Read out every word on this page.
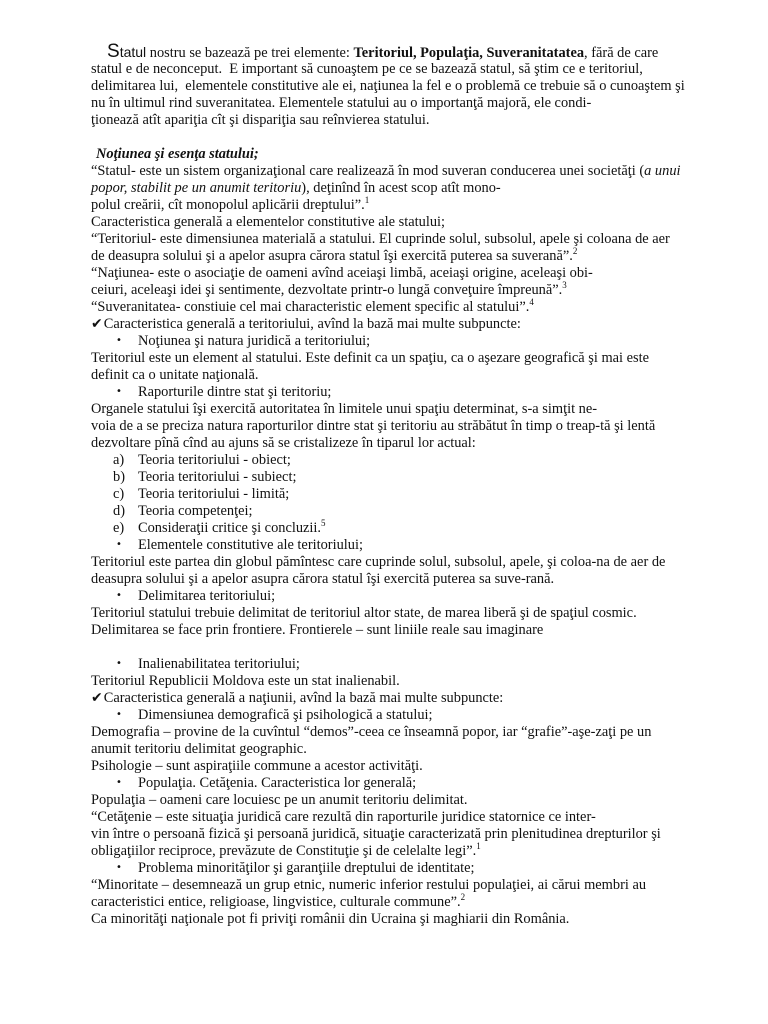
Statul nostru se bazează pe trei elemente: Teritoriul, Populaţia, Suveranitatatea, fără de care
statul e de neconceput.  E important să cunoaştem pe ce se bazează statul, să ştim ce e teritoriul,
delimitarea lui,  elementele constitutive ale ei, naţiunea la fel e o problemă ce trebuie să o cunoaştem şi
nu în ultimul rind suveranitatea. Elementele statului au o importanţă majoră, ele condi-
ţionează atît apariţia cît şi dispariţia sau reînvierea statului.
Noţiunea şi esenţa statului;
“Statul- este un sistem organizaţional care realizează în mod suveran conducerea unei societăţi (a unui
popor, stabilit pe un anumit teritoriu), deţinînd în acest scop atît mono-
polul creării, cît monopolul aplicării dreptului”.$^1$
Caracteristica generală a elementelor constitutive ale statului;
“Teritoriul- este dimensiunea materială a statului. El cuprinde solul, subsolul, apele şi coloana de aer
de deasupra solului şi a apelor asupra cărora statul îşi exercită puterea sa suverană”.$^2$
“Naţiunea- este o asociaţie de oameni avînd aceiaşi limbă, aceiaşi origine, aceleaşi obi-
ceiuri, aceleaşi idei şi sentimente, dezvoltate printr-o lungă conveţuire împreună”.$^3$
“Suveranitatea- constiuie cel mai characteristic element specific al statului”.$^4$
✔Caracteristica generală a teritoriului, avînd la bază mai multe subpuncte:
• Noţiunea şi natura juridică a teritoriului;
Teritoriul este un element al statului. Este definit ca un spaţiu, ca o aşezare geografică şi mai este
definit ca o unitate naţională.
• Raporturile dintre stat şi teritoriu;
Organele statului îşi exercită autoritatea în limitele unui spaţiu determinat, s-a simţit ne-
voia de a se preciza natura raporturilor dintre stat şi teritoriu au străbătut în timp o treap-tă şi lentă
dezvoltare pînă cînd au ajuns să se cristalizeze în tiparul lor actual:
a) Teoria teritoriului - obiect;
b) Teoria teritoriului - subiect;
c) Teoria teritoriului - limită;
d) Teoria competenţei;
e) Consideraţii critice şi concluzii.$^5$
• Elementele constitutive ale teritoriului;
Teritoriul este partea din globul pămîntesc care cuprinde solul, subsolul, apele, şi coloa-na de aer de
deasupra solului şi a apelor asupra cărora statul îşi exercită puterea sa suve-rană.
• Delimitarea teritoriului;
Teritoriul statului trebuie delimitat de teritoriul altor state, de marea liberă şi de spaţiul cosmic.
Delimitarea se face prin frontiere. Frontierele – sunt liniile reale sau imaginare
• Inalienabilitatea teritoriului;
Teritoriul Republicii Moldova este un stat inalienabil.
✔Caracteristica generală a naţiunii, avînd la bază mai multe subpuncte:
• Dimensiunea demografică şi psihologică a statului;
Demografia – provine de la cuvîntul “demos”-ceea ce înseamnă popor, iar “grafie”-aşe-zaţi pe un
anumit teritoriu delimitat geographic.
Psihologie – sunt aspiraţiile commune a acestor activităţi.
• Populaţia. Cetăţenia. Caracteristica lor generală;
Populaţia – oameni care locuiesc pe un anumit teritoriu delimitat.
“Cetăţenie – este situaţia juridică care rezultă din raporturile juridice statornice ce inter-
vin între o persoană fizică şi persoană juridică, situaţie caracterizată prin plenitudinea drepturilor şi
obligaţiilor reciproce, prevăzute de Constituţie şi de celelalte legi”.$^1$
• Problema minorităţilor şi garanţiile dreptului de identitate;
“Minoritate – desemnează un grup etnic, numeric inferior restului populaţiei, ai cărui membri au
caracteristici entice, religioase, lingvistice, culturale commune”.$^2$
Ca minorităţi naţionale pot fi priviţi românii din Ucraina şi maghiarii din România.
